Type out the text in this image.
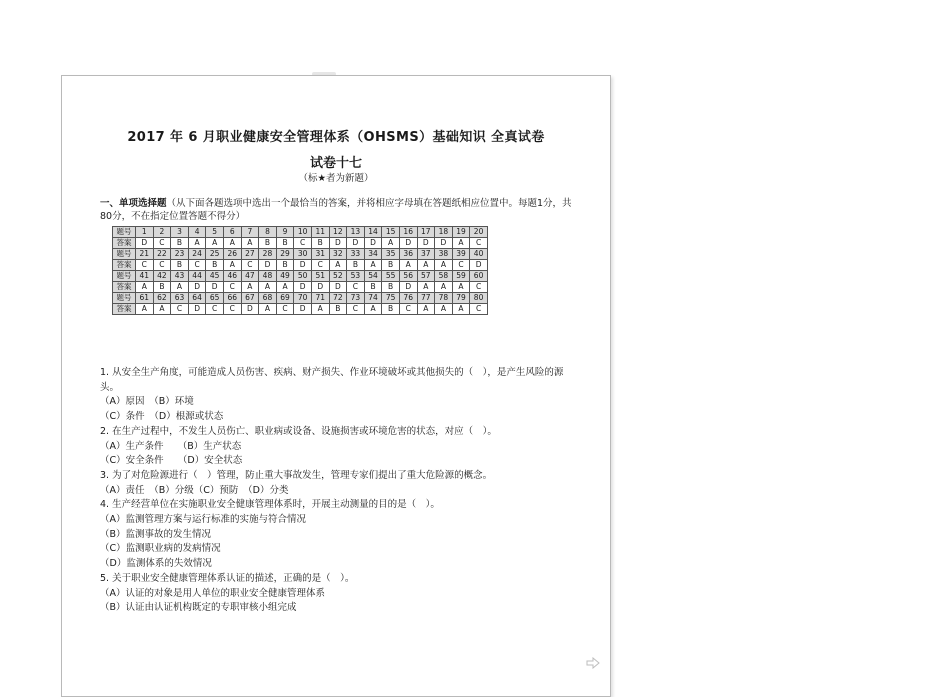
2017 年 6 月职业健康安全管理体系（OHSMS）基础知识 全真试卷
试卷十七
（标★者为新题）
一、单项选择题（从下面各题选项中选出一个最恰当的答案，并将相应字母填在答题纸相应位置中。每题1分，共80分，不在指定位置答题不得分）
题号	1	2	3	4	5	6	7	8	9	10	11	12	13	14	15	16	17	18	19	20
答案	D	C	B	A	A	A	A	B	B	C	B	D	D	D	A	D	D	D	A	C
题号	21	22	23	24	25	26	27	28	29	30	31	32	33	34	35	36	37	38	39	40
答案	C	C	B	C	B	A	C	D	B	D	C	A	B	A	B	A	A	A	C	D
题号	41	42	43	44	45	46	47	48	49	50	51	52	53	54	55	56	57	58	59	60
答案	A	B	A	D	D	C	A	A	A	D	D	D	C	B	B	D	A	A	A	C
题号	61	62	63	64	65	66	67	68	69	70	71	72	73	74	75	76	77	78	79	80
答案	A	A	C	D	C	C	D	A	C	D	A	B	C	A	B	C	A	A	A	C
1. 从安全生产角度，可能造成人员伤害、疾病、财产损失、作业环境破坏或其他损失的（　），是产生风险的源头。
（A）原因　（B）环境
（C）条件　（D）根源或状态
2. 在生产过程中，不发生人员伤亡、职业病或设备、设施损害或环境危害的状态，对应（　）。
（A）生产条件　　（B）生产状态
（C）安全条件　　（D）安全状态
3. 为了对危险源进行（　）管理，防止重大事故发生，管理专家们提出了重大危险源的概念。
（A）责任　（B）分级（C）预防　（D）分类
4. 生产经营单位在实施职业安全健康管理体系时，开展主动测量的目的是（　）。
（A）监测管理方案与运行标准的实施与符合情况
（B）监测事故的发生情况
（C）监测职业病的发病情况
（D）监测体系的失效情况
5. 关于职业安全健康管理体系认证的描述，正确的是（　）。
（A）认证的对象是用人单位的职业安全健康管理体系
（B）认证由认证机构既定的专职审核小组完成
